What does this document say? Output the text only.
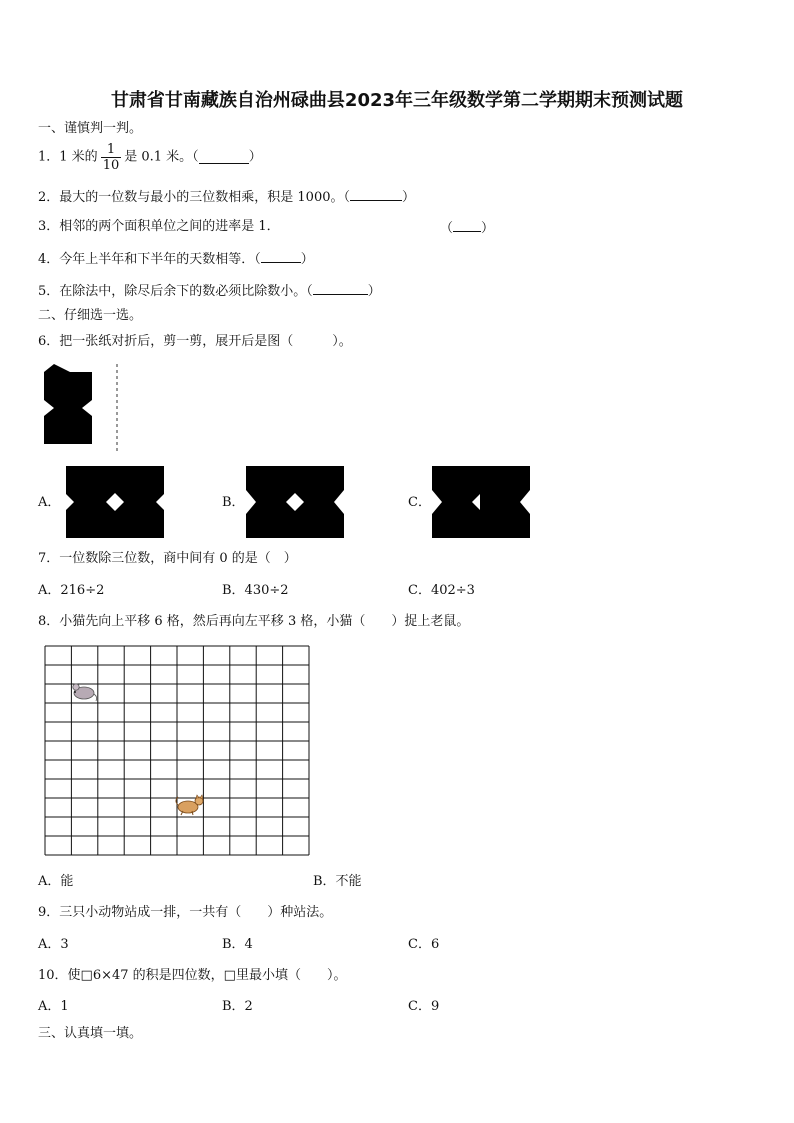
甘肃省甘南藏族自治州碌曲县2023年三年级数学第二学期期末预测试题
一、谨慎判一判。
1．1 米的 $\frac{1}{10}$ 是 0.1 米。（	）
2．最大的一位数与最小的三位数相乘，积是 1000。（	）
3．相邻的两个面积单位之间的进率是 1．	（ ）
4．今年上半年和下半年的天数相等．（	）
5．在除法中，除尽后余下的数必须比除数小。（	）
二、仔细选一选。
6．把一张纸对折后，剪一剪，展开后是图（　　　）。
A．	B．	C．
7．一位数除三位数，商中间有 0 的是（　）
A．216÷2	B．430÷2	C．402÷3
8．小猫先向上平移 6 格，然后再向左平移 3 格，小猫（　　）捉上老鼠。
A．能	B．不能
9．三只小动物站成一排，一共有（　　）种站法。
A．3	B．4	C．6
10．使□6×47 的积是四位数，□里最小填（　　）。
A．1	B．2	C．9
三、认真填一填。
